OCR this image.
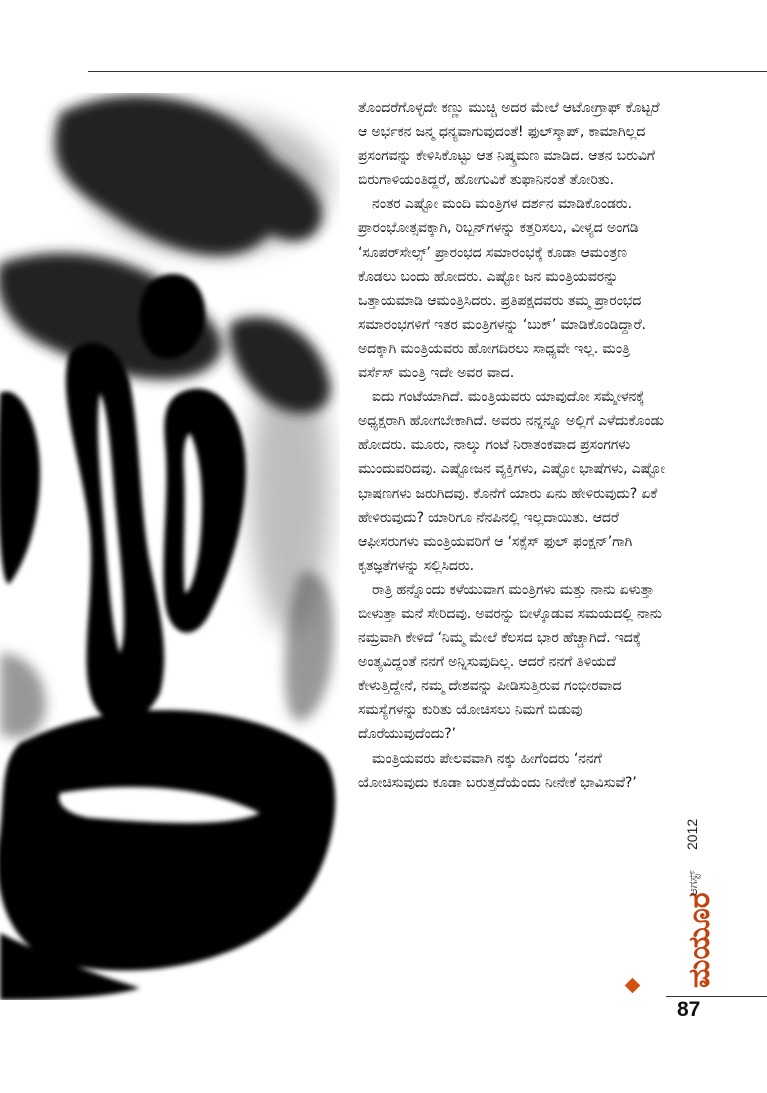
ತೊಂದರೆಗೊಳ್ಳದೇ ಕಣ್ಣು ಮುಚ್ಚಿ ಅದರ ಮೇಲೆ ಆಟೋಗ್ರಾಫ್ ಕೊಟ್ಟರೆ ಆ ಅರ್ಭಕನ ಜನ್ಮ ಧನ್ಯವಾಗುವುದಂತೆ! ಫುಲ್‌ಸ್ಕಾಪ್, ಕಾಮಾಗಿಲ್ಲದ ಪ್ರಸಂಗವನ್ನು ಕೇಳಿಸಿಕೊಟ್ಟು ಆತ ನಿಷ್ಕ್ರಮಣ ಮಾಡಿದ. ಆತನ ಬರುವಿಗೆ ಬಿರುಗಾಳಿಯಂತಿದ್ದರೆ, ಹೋಗುವಿಕೆ ತುಫಾನಿನಂತೆ ತೋರಿತು.

ನಂತರ ಎಷ್ಟೋ ಮಂದಿ ಮಂತ್ರಿಗಳ ದರ್ಶನ ಮಾಡಿಕೊಂಡರು. ಪ್ರಾರಂಭೋತ್ಸವಕ್ಕಾಗಿ, ರಿಬ್ಬನ್‌ಗಳನ್ನು ಕತ್ತರಿಸಲು, ವೀಳ್ಯದ ಅಂಗಡಿ ‘ಸೂಪರ್‌ಸೇಲ್ಸ್’ ಪ್ರಾರಂಭದ ಸಮಾರಂಭಕ್ಕೆ ಕೂಡಾ ಆಮಂತ್ರಣ ಕೊಡಲು ಬಂದು ಹೋದರು. ಎಷ್ಟೋ ಜನ ಮಂತ್ರಿಯವರನ್ನು ಒತ್ತಾಯಮಾಡಿ ಆಮಂತ್ರಿಸಿದರು. ಪ್ರತಿಪಕ್ಷದವರು ತಮ್ಮ ಪ್ರಾರಂಭದ ಸಮಾರಂಭಗಳಿಗೆ ಇತರ ಮಂತ್ರಿಗಳನ್ನು ‘ಬುಕ್’ ಮಾಡಿಕೊಂಡಿದ್ದಾರೆ. ಅದಕ್ಕಾಗಿ ಮಂತ್ರಿಯವರು ಹೋಗದಿರಲು ಸಾಧ್ಯವೇ ಇಲ್ಲ. ಮಂತ್ರಿ ವರ್ಸೆಸ್ ಮಂತ್ರಿ ಇದೇ ಅವರ ವಾದ.

ಐದು ಗಂಟೆಯಾಗಿದೆ. ಮಂತ್ರಿಯವರು ಯಾವುದೋ ಸಮ್ಮೇಳನಕ್ಕೆ ಅಧ್ಯಕ್ಷರಾಗಿ ಹೋಗಬೇಕಾಗಿದೆ. ಅವರು ನನ್ನನ್ನೂ ಅಲ್ಲಿಗೆ ಎಳೆದುಕೊಂಡು ಹೋದರು. ಮೂರು, ನಾಲ್ಕು ಗಂಟೆ ನಿರಾತಂಕವಾದ ಪ್ರಸಂಗಗಳು ಮುಂದುವರಿದವು. ಎಷ್ಟೋಜನ ವ್ಯಕ್ತಿಗಳು, ಎಷ್ಟೋ ಭಾಷೆಗಳು, ಎಷ್ಟೋ ಭಾಷಣಗಳು ಜರುಗಿದವು. ಕೊನೆಗೆ ಯಾರು ಏನು ಹೇಳಿರುವುದು? ಏಕೆ ಹೇಳಿರುವುದು? ಯಾರಿಗೂ ನೆನಪಿನಲ್ಲಿ ಇಲ್ಲದಾಯಿತು. ಆದರೆ ಆಫೀಸರುಗಳು ಮಂತ್ರಿಯವರಿಗೆ ಆ ‘ಸಕ್ಸೆಸ್ ಫುಲ್ ಫಂಕ್ಷನ್’ಗಾಗಿ ಕೃತಜ್ಞತೆಗಳನ್ನು ಸಲ್ಲಿಸಿದರು.

ರಾತ್ರಿ ಹನ್ನೊಂದು ಕಳೆಯುವಾಗ ಮಂತ್ರಿಗಳು ಮತ್ತು ನಾನು ಏಳುತ್ತಾ ಬೀಳುತ್ತಾ ಮನೆ ಸೇರಿದವು. ಅವರನ್ನು ಬೀಳ್ಕೊಡುವ ಸಮಯದಲ್ಲಿ ನಾನು ನಮ್ರವಾಗಿ ಕೇಳಿದೆ ‘ನಿಮ್ಮ ಮೇಲೆ ಕೆಲಸದ ಭಾರ ಹೆಚ್ಚಾಗಿದೆ. ಇದಕ್ಕೆ ಅಂತ್ಯವಿದ್ದಂತೆ ನನಗೆ ಅನ್ನಿಸುವುದಿಲ್ಲ. ಆದರೆ ನನಗೆ ತಿಳಿಯದೆ ಕೇಳುತ್ತಿದ್ದೇನೆ, ನಮ್ಮ ದೇಶವನ್ನು ಪೀಡಿಸುತ್ತಿರುವ ಗಂಭೀರವಾದ ಸಮಸ್ಯೆಗಳನ್ನು ಕುರಿತು ಯೋಚಿಸಲು ನಿಮಗೆ ಬಿಡುವು ದೊರೆಯುವುದೆಂದು?’

ಮಂತ್ರಿಯವರು ಪೇಲವವಾಗಿ ನಕ್ಕು ಹೀಗೆಂದರು ‘ನನಗೆ ಯೋಚಿಸುವುದು ಕೂಡಾ ಬರುತ್ತದೆಯೆಂದು ನೀನೇಕೆ ಭಾವಿಸುವೆ?’

ಮಯೂರ
ಆಗಸ್ಟ್
2012
87
